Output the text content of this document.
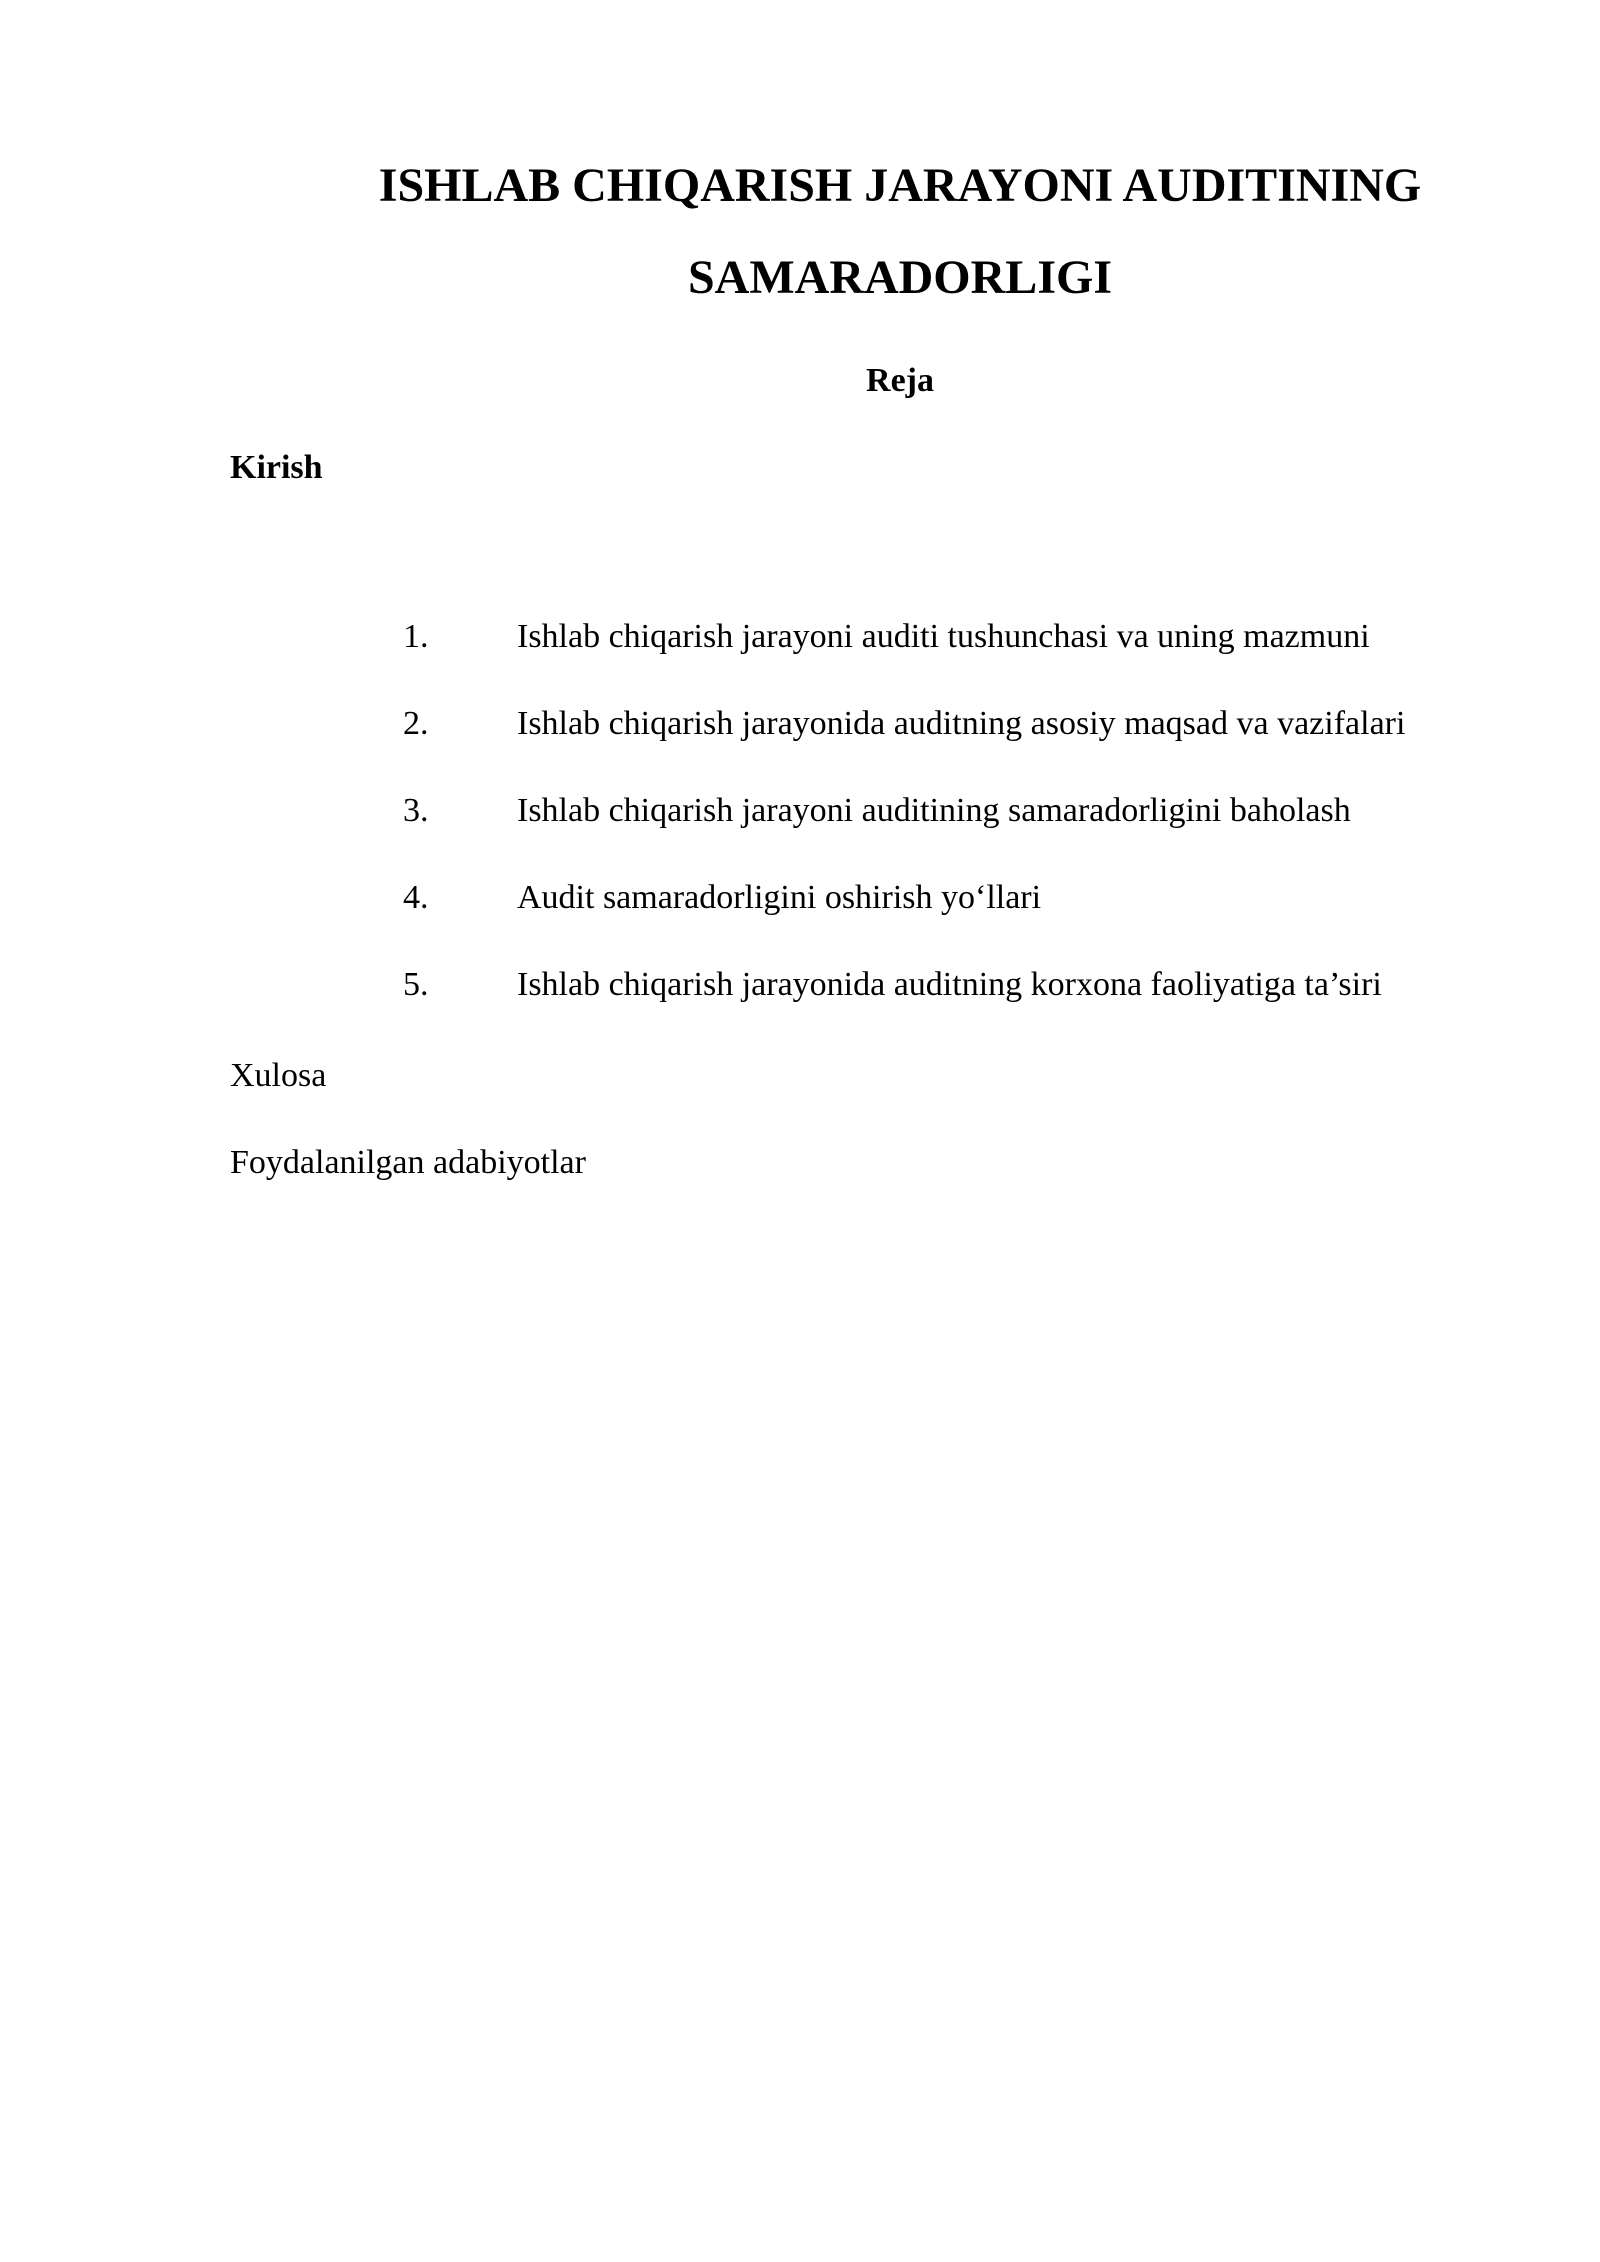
ISHLAB CHIQARISH JARAYONI AUDITINING
SAMARADORLIGI

Reja

Kirish

1.	Ishlab chiqarish jarayoni auditi tushunchasi va uning mazmuni
2.	Ishlab chiqarish jarayonida auditning asosiy maqsad va vazifalari
3.	Ishlab chiqarish jarayoni auditining samaradorligini baholash
4.	Audit samaradorligini oshirish yo‘llari
5.	Ishlab chiqarish jarayonida auditning korxona faoliyatiga ta’siri

Xulosa

Foydalanilgan adabiyotlar
